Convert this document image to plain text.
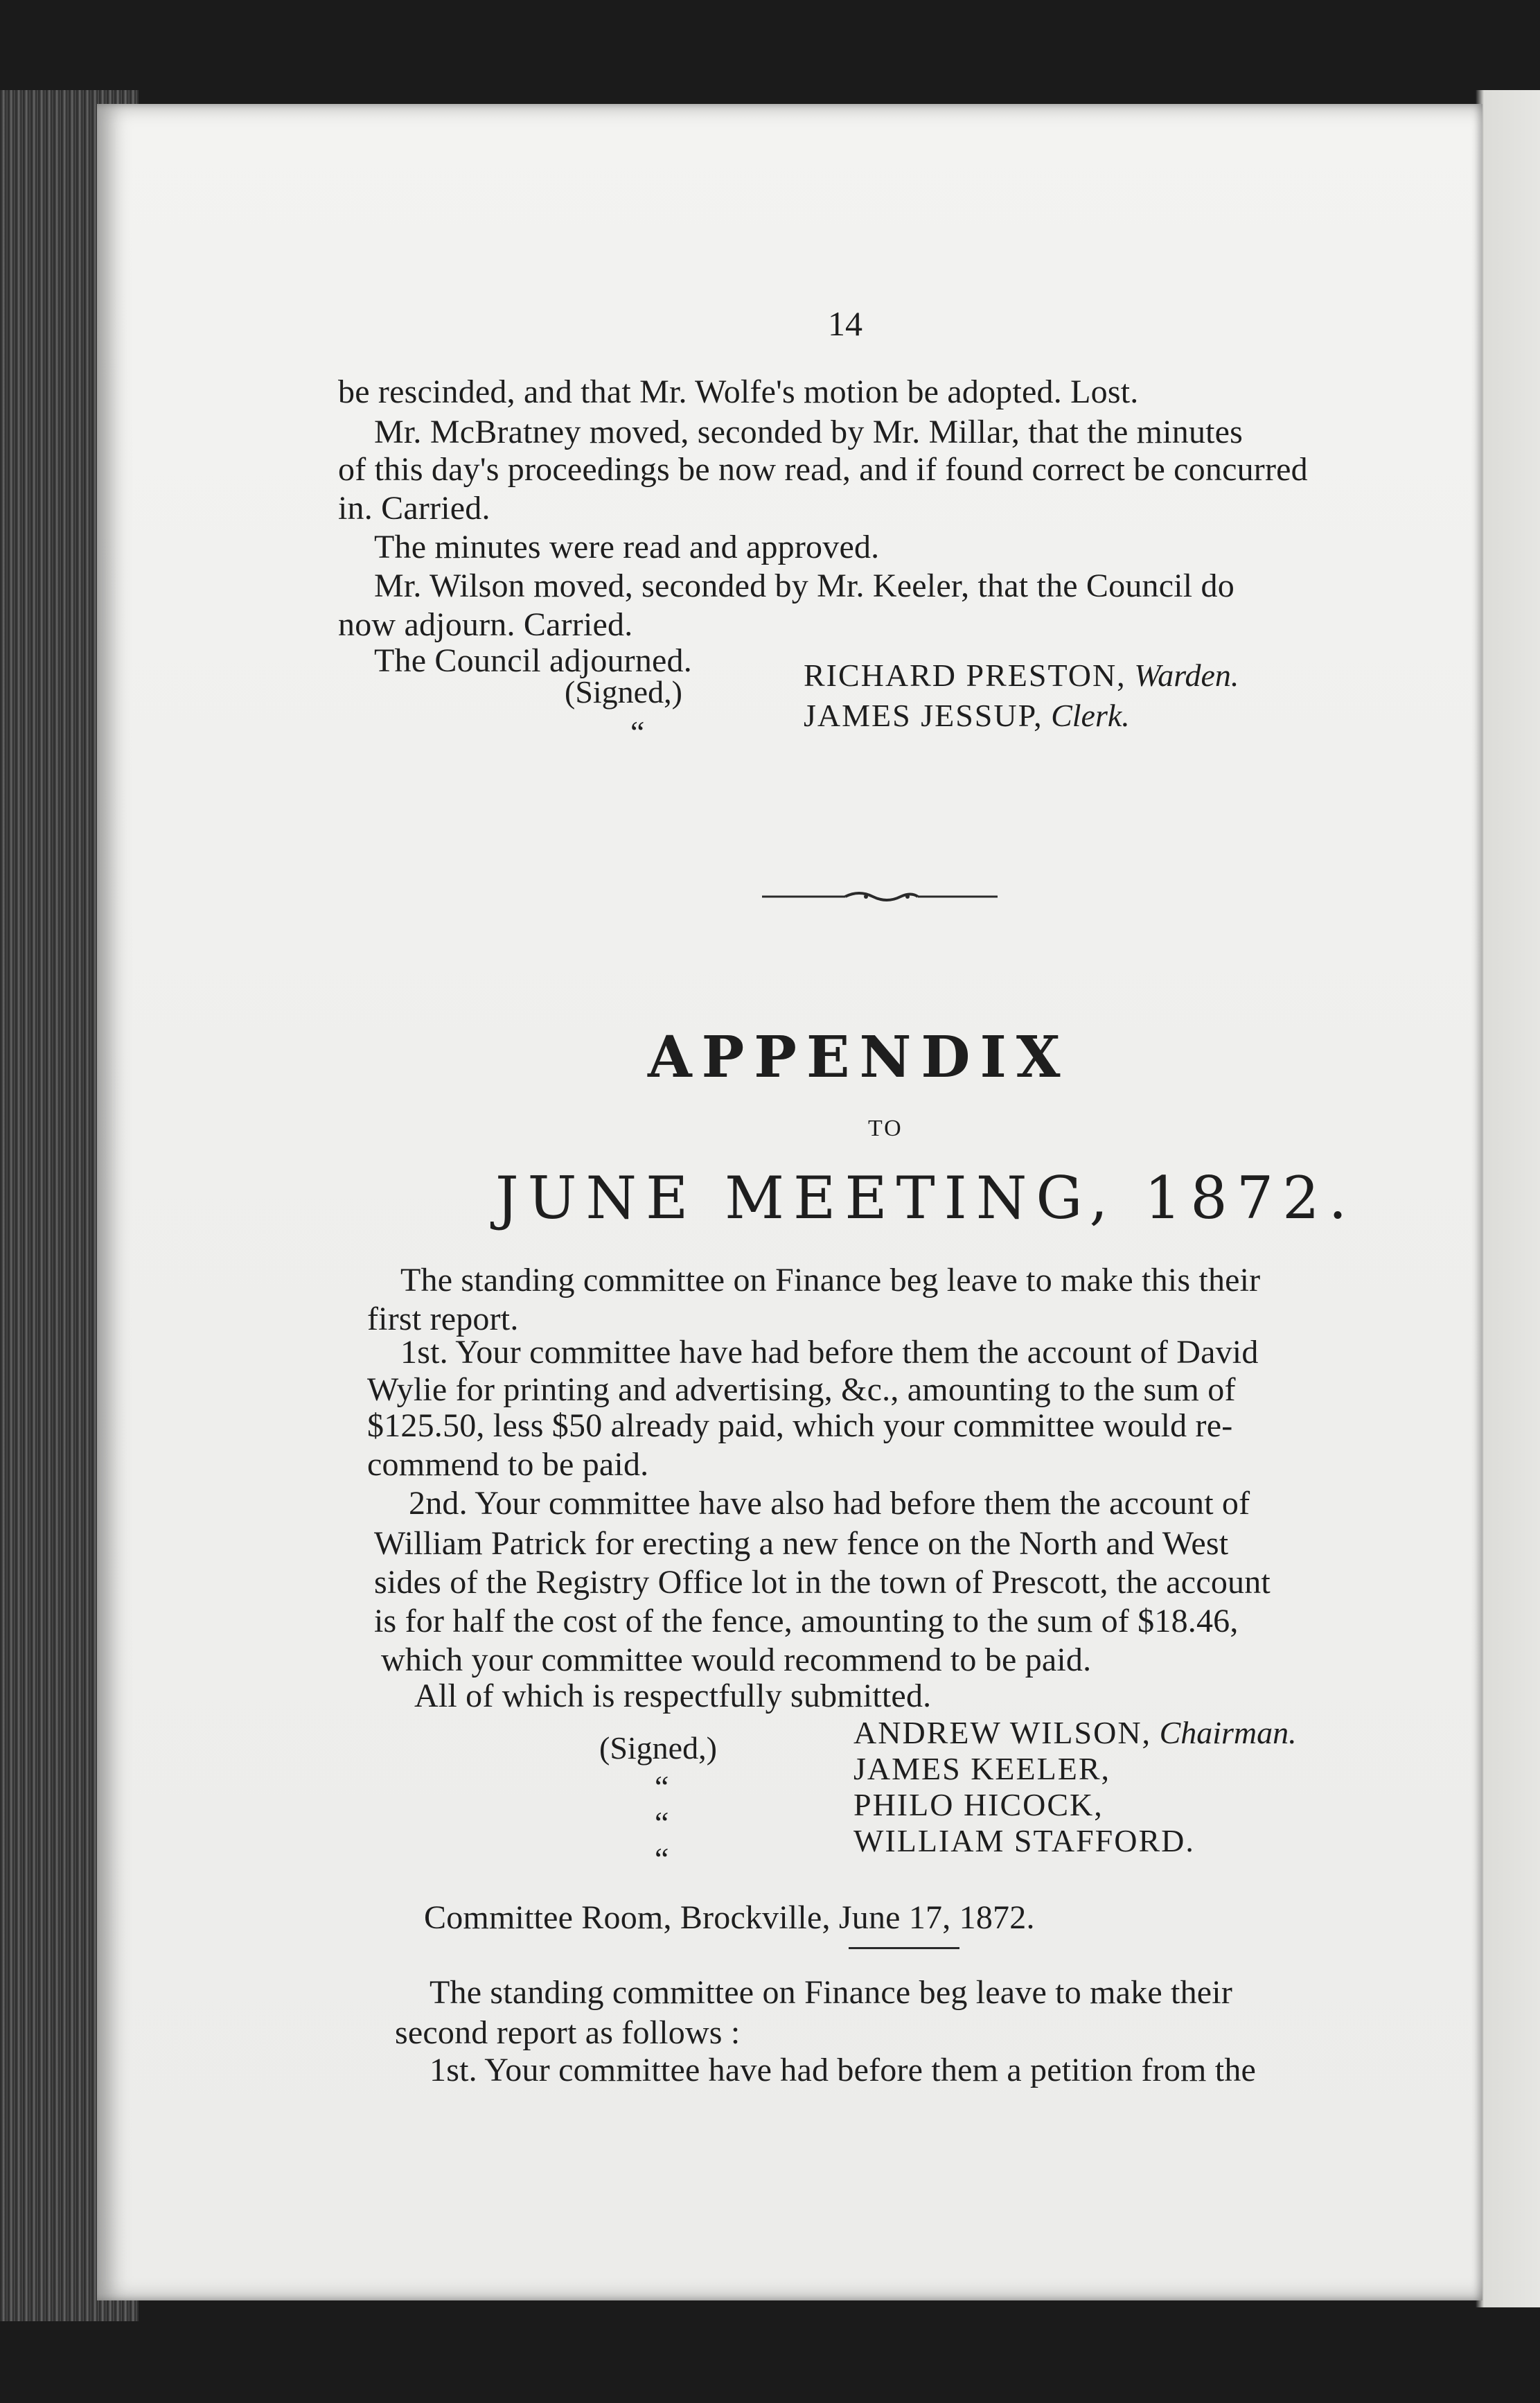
14
be rescinded, and that Mr. Wolfe's motion be adopted. Lost.
Mr. McBratney moved, seconded by Mr. Millar, that the minutes
of this day's proceedings be now read, and if found correct be concurred
in. Carried.
The minutes were read and approved.
Mr. Wilson moved, seconded by Mr. Keeler, that the Council do
now adjourn. Carried.
The Council adjourned.
(Signed,)
“
RICHARD PRESTON, Warden.
JAMES JESSUP, Clerk.
APPENDIX
TO
JUNE MEETING, 1872.
The standing committee on Finance beg leave to make this their
first report.
1st. Your committee have had before them the account of David
Wylie for printing and advertising, &c., amounting to the sum of
$125.50, less $50 already paid, which your committee would re-
commend to be paid.
2nd. Your committee have also had before them the account of
William Patrick for erecting a new fence on the North and West
sides of the Registry Office lot in the town of Prescott, the account
is for half the cost of the fence, amounting to the sum of $18.46,
which your committee would recommend to be paid.
All of which is respectfully submitted.
(Signed,)
“
“
“
ANDREW WILSON, Chairman.
JAMES KEELER,
PHILO HICOCK,
WILLIAM STAFFORD.
Committee Room, Brockville, June 17, 1872.
The standing committee on Finance beg leave to make their
second report as follows :
1st. Your committee have had before them a petition from the
